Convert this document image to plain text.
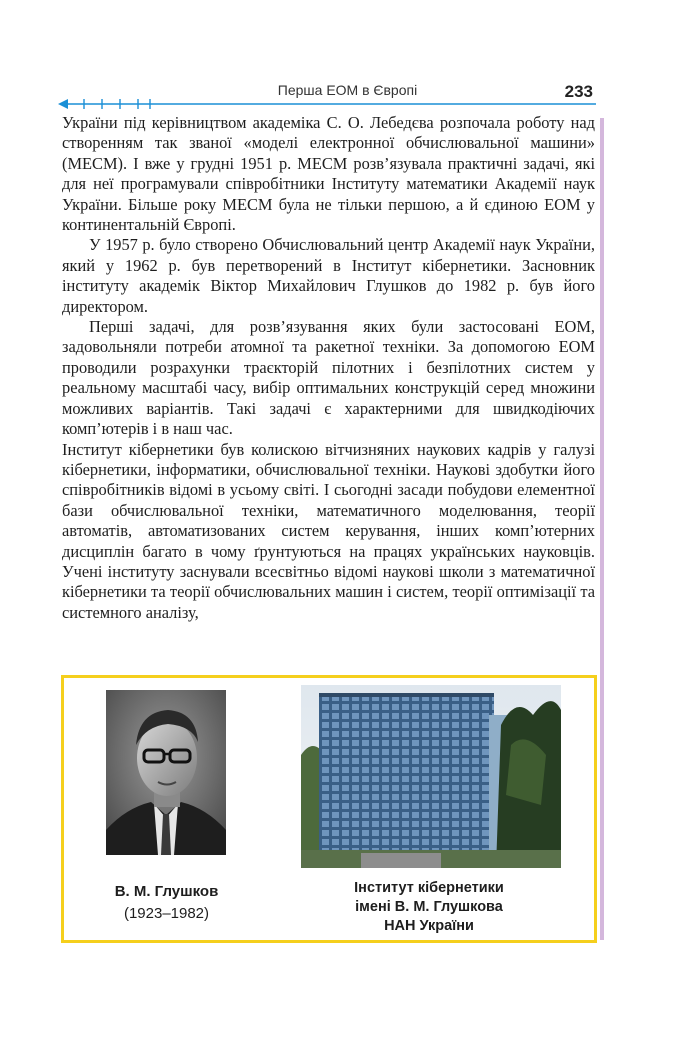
Перша ЕОМ в Європі	233

України під керівництвом академіка С. О. Лебедєва розпочала роботу над створенням так званої «моделі електронної обчислювальної машини» (МЕСМ). І вже у грудні 1951 р. МЕСМ розв’язувала практичні задачі, які для неї програмували співробітники Інституту математики Академії наук України. Більше року МЕСМ була не тільки першою, а й єдиною ЕОМ у континентальній Європі.

У 1957 р. було створено Обчислювальний центр Академії наук України, який у 1962 р. був перетворений в Інститут кібернетики. Засновник інституту академік Віктор Михайлович Глушков до 1982 р. був його директором.

Перші задачі, для розв’язування яких були застосовані ЕОМ, задовольняли потреби атомної та ракетної техніки. За допомогою ЕОМ проводили розрахунки траєкторій пілотних і безпілотних систем у реальному масштабі часу, вибір оптимальних конструкцій серед множини можливих варіантів. Такі задачі є характерними для швидкодіючих комп’ютерів і в наш час.

Інститут кібернетики був колискою вітчизняних наукових кадрів у галузі кібернетики, інформатики, обчислювальної техніки. Наукові здобутки його співробітників відомі в усьому світі. І сьогодні засади побудови елементної бази обчислювальної техніки, математичного моделювання, теорії автоматів, автоматизованих систем керування, інших комп’ютерних дисциплін багато в чому ґрунтуються на працях українських науковців. Учені інституту заснували всесвітньо відомі наукові школи з математичної кібернетики та теорії обчислювальних машин і систем, теорії оптимізації та системного аналізу,

В. М. Глушков
(1923–1982)
Інститут кібернетики
імені В. М. Глушкова
НАН України
